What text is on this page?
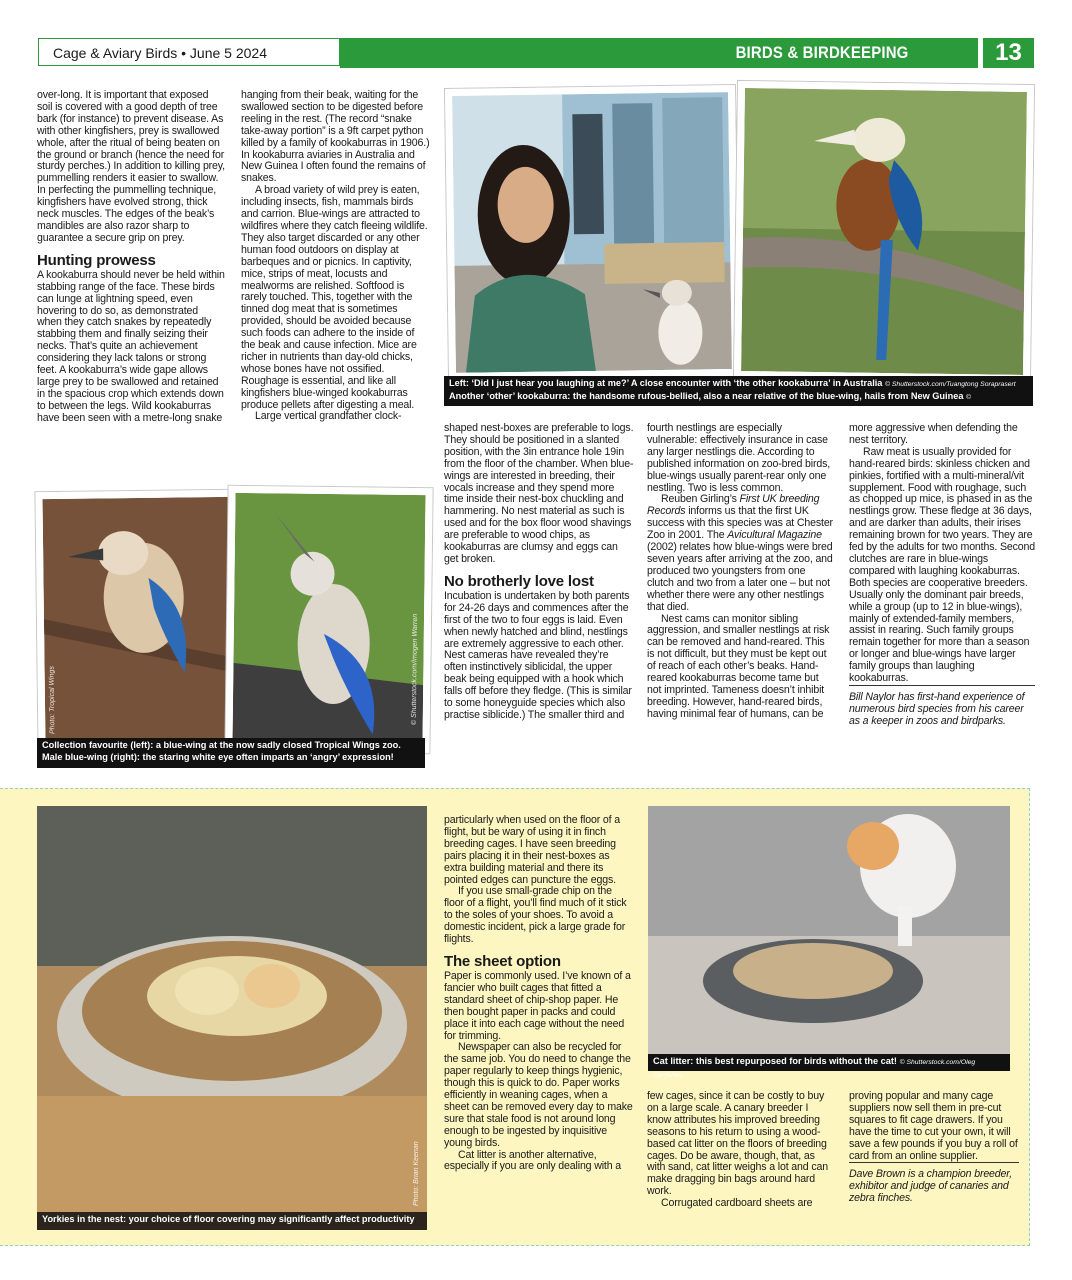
Cage & Aviary Birds • June 5 2024	BIRDS & BIRDKEEPING	13

over-long. It is important that exposed soil is covered with a good depth of tree bark (for instance) to prevent disease. As with other kingfishers, prey is swallowed whole, after the ritual of being beaten on the ground or branch (hence the need for sturdy perches.) In addition to killing prey, pummelling renders it easier to swallow. In perfecting the pummelling technique, kingfishers have evolved strong, thick neck muscles. The edges of the beak’s mandibles are also razor sharp to guarantee a secure grip on prey.

Hunting prowess

A kookaburra should never be held within stabbing range of the face. These birds can lunge at lightning speed, even hovering to do so, as demonstrated when they catch snakes by repeatedly stabbing them and finally seizing their necks. That’s quite an achievement considering they lack talons or strong feet. A kookaburra’s wide gape allows large prey to be swallowed and retained in the spacious crop which extends down to between the legs. Wild kookaburras have been seen with a metre-long snake

hanging from their beak, waiting for the swallowed section to be digested before reeling in the rest. (The record “snake take-away portion” is a 9ft carpet python killed by a family of kookaburras in 1906.) In kookaburra aviaries in Australia and New Guinea I often found the remains of snakes.

A broad variety of wild prey is eaten, including insects, fish, mammals birds and carrion. Blue-wings are attracted to wildfires where they catch fleeing wildlife. They also target discarded or any other human food outdoors on display at barbeques and or picnics. In captivity, mice, strips of meat, locusts and mealworms are relished. Softfood is rarely touched. This, together with the tinned dog meat that is sometimes provided, should be avoided because such foods can adhere to the inside of the beak and cause infection. Mice are richer in nutrients than day-old chicks, whose bones have not ossified. Roughage is essential, and like all kingfishers blue-winged kookaburras produce pellets after digesting a meal.

Large vertical grandfather clock-

Left: ‘Did I just hear you laughing at me?’ A close encounter with ‘the other kookaburra’ in Australia © Shutterstock.com/Tuangtong Soraprasert
Another ‘other’ kookaburra: the handsome rufous-bellied, also a near relative of the blue-wing, hails from New Guinea © Shutterstock.com/m choi
Photo: Tropical Wings	© Shutterstock.com/Imogen Warren
Collection favourite (left): a blue-wing at the now sadly closed Tropical Wings zoo.
Male blue-wing (right): the staring white eye often imparts an ‘angry’ expression!

shaped nest-boxes are preferable to logs. They should be positioned in a slanted position, with the 3in entrance hole 19in from the floor of the chamber. When blue-wings are interested in breeding, their vocals increase and they spend more time inside their nest-box chuckling and hammering. No nest material as such is used and for the box floor wood shavings are preferable to wood chips, as kookaburras are clumsy and eggs can get broken.

No brotherly love lost

Incubation is undertaken by both parents for 24-26 days and commences after the first of the two to four eggs is laid. Even when newly hatched and blind, nestlings are extremely aggressive to each other. Nest cameras have revealed they’re often instinctively siblicidal, the upper beak being equipped with a hook which falls off before they fledge. (This is similar to some honeyguide species which also practise siblicide.) The smaller third and

fourth nestlings are especially vulnerable: effectively insurance in case any larger nestlings die. According to published information on zoo-bred birds, blue-wings usually parent-rear only one nestling. Two is less common.

Reuben Girling’s First UK breeding Records informs us that the first UK success with this species was at Chester Zoo in 2001. The Avicultural Magazine (2002) relates how blue-wings were bred seven years after arriving at the zoo, and produced two youngsters from one clutch and two from a later one – but not whether there were any other nestlings that died.

Nest cams can monitor sibling aggression, and smaller nestlings at risk can be removed and hand-reared. This is not difficult, but they must be kept out of reach of each other’s beaks. Hand-reared kookaburras become tame but not imprinted. Tameness doesn’t inhibit breeding. However, hand-reared birds, having minimal fear of humans, can be

more aggressive when defending the nest territory.

Raw meat is usually provided for hand-reared birds: skinless chicken and pinkies, fortified with a multi-mineral/vit supplement. Food with roughage, such as chopped up mice, is phased in as the nestlings grow. These fledge at 36 days, and are darker than adults, their irises remaining brown for two years. They are fed by the adults for two months. Second clutches are rare in blue-wings compared with laughing kookaburras. Both species are cooperative breeders. Usually only the dominant pair breeds, while a group (up to 12 in blue-wings), mainly of extended-family members, assist in rearing. Such family groups remain together for more than a season or longer and blue-wings have larger family groups than laughing kookaburras.

Bill Naylor has first-hand experience of numerous bird species from his career as a keeper in zoos and birdparks.

Photo: Brian Keenan
Yorkies in the nest: your choice of floor covering may significantly affect productivity

particularly when used on the floor of a flight, but be wary of using it in finch breeding cages. I have seen breeding pairs placing it in their nest-boxes as extra building material and there its pointed edges can puncture the eggs.

If you use small-grade chip on the floor of a flight, you’ll find much of it stick to the soles of your shoes. To avoid a domestic incident, pick a large grade for flights.

The sheet option

Paper is commonly used. I’ve known of a fancier who built cages that fitted a standard sheet of chip-shop paper. He then bought paper in packs and could place it into each cage without the need for trimming.

Newspaper can also be recycled for the same job. You do need to change the paper regularly to keep things hygienic, though this is quick to do. Paper works efficiently in weaning cages, when a sheet can be removed every day to make sure that stale food is not around long enough to be ingested by inquisitive young birds.

Cat litter is another alternative, especially if you are only dealing with a

Cat litter: this best repurposed for birds without the cat! © Shutterstock.com/Oleg Opryshko

few cages, since it can be costly to buy on a large scale. A canary breeder I know attributes his improved breeding seasons to his return to using a wood-based cat litter on the floors of breeding cages. Do be aware, though, that, as with sand, cat litter weighs a lot and can make dragging bin bags around hard work.

Corrugated cardboard sheets are

proving popular and many cage suppliers now sell them in pre-cut squares to fit cage drawers. If you have the time to cut your own, it will save a few pounds if you buy a roll of card from an online supplier.

Dave Brown is a champion breeder, exhibitor and judge of canaries and zebra finches.
